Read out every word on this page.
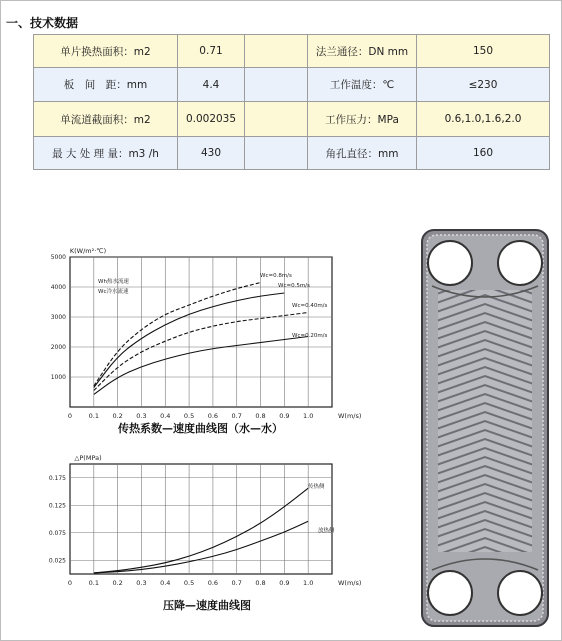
一、技术数据
单片换热面积：m2	0.71		法兰通径：DN mm	150
板　间　距：mm	4.4		工作温度：℃	≤230
单流道截面积：m2	0.002035		工作压力：MPa	0.6,1.0,1.6,2.0
最 大 处 理 量：m3 /h	430		角孔直径：mm	160
0	0.1 0.2 0.3 0.4 0.5 0.6 0.7 0.8 0.9 1.0
1000
2000
3000
4000
5000
K(W/m²·℃)
W(m/s)
Wc=0.8m/s
Wc=0.5m/s
Wc=0.40m/s
Wc=0.20m/s
Wh热水流速
Wc冷水流速
传热系数—速度曲线图（水—水）
0	0.1 0.2 0.3 0.4 0.5 0.6 0.7 0.8 0.9 1.0
0.025
0.075
0.125
0.175
△P(MPa)
W(m/s)
传热侧
放热侧
压降—速度曲线图
